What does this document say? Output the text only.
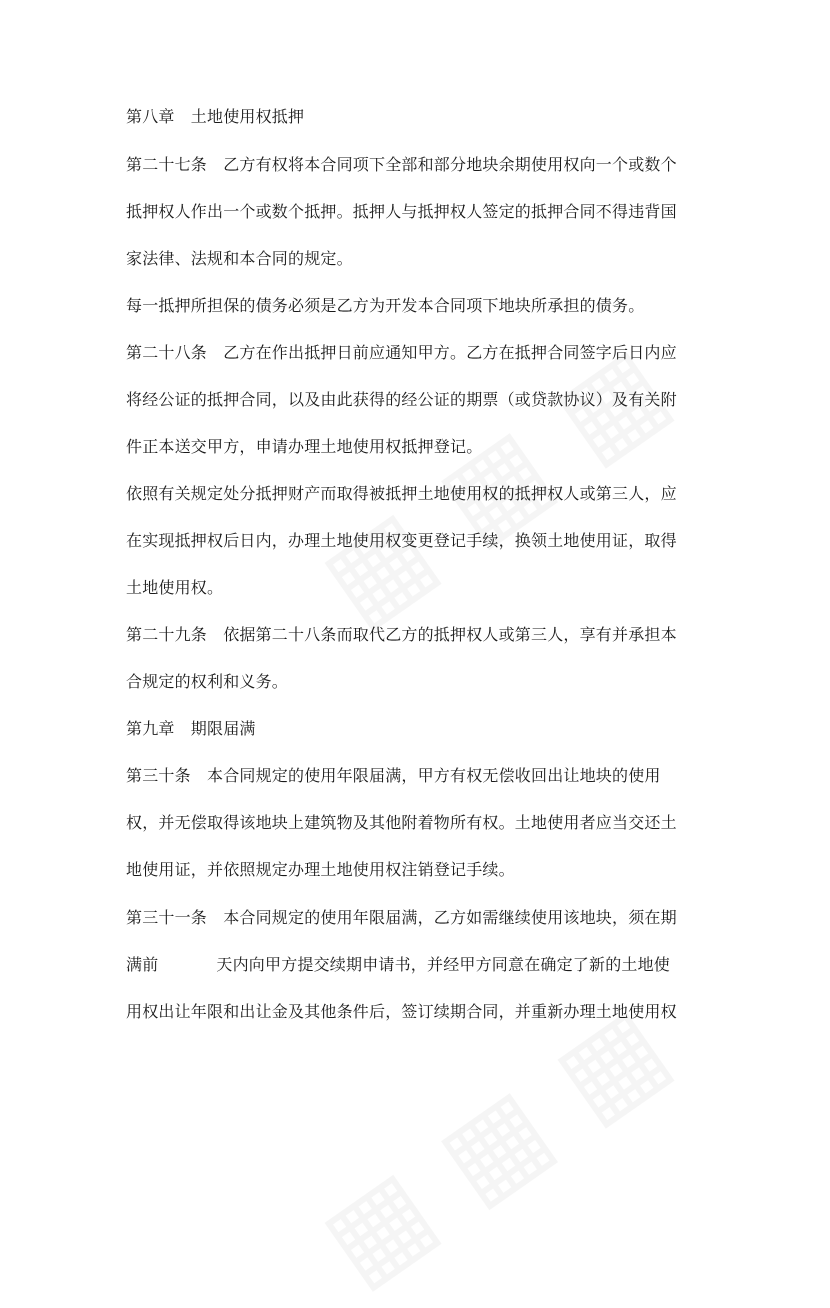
第八章　土地使用权抵押
第二十七条　乙方有权将本合同项下全部和部分地块余期使用权向一个或数个
抵押权人作出一个或数个抵押。抵押人与抵押权人签定的抵押合同不得违背国
家法律、法规和本合同的规定。
每一抵押所担保的债务必须是乙方为开发本合同项下地块所承担的债务。
第二十八条　乙方在作出抵押日前应通知甲方。乙方在抵押合同签字后日内应
将经公证的抵押合同，以及由此获得的经公证的期票（或贷款协议）及有关附
件正本送交甲方，申请办理土地使用权抵押登记。
依照有关规定处分抵押财产而取得被抵押土地使用权的抵押权人或第三人，应
在实现抵押权后日内，办理土地使用权变更登记手续，换领土地使用证，取得
土地使用权。
第二十九条　依据第二十八条而取代乙方的抵押权人或第三人，享有并承担本
合规定的权利和义务。
第九章　期限届满
第三十条　本合同规定的使用年限届满，甲方有权无偿收回出让地块的使用
权，并无偿取得该地块上建筑物及其他附着物所有权。土地使用者应当交还土
地使用证，并依照规定办理土地使用权注销登记手续。
第三十一条　本合同规定的使用年限届满，乙方如需继续使用该地块，须在期
满前	天内向甲方提交续期申请书，并经甲方同意在确定了新的土地使
用权出让年限和出让金及其他条件后，签订续期合同，并重新办理土地使用权
